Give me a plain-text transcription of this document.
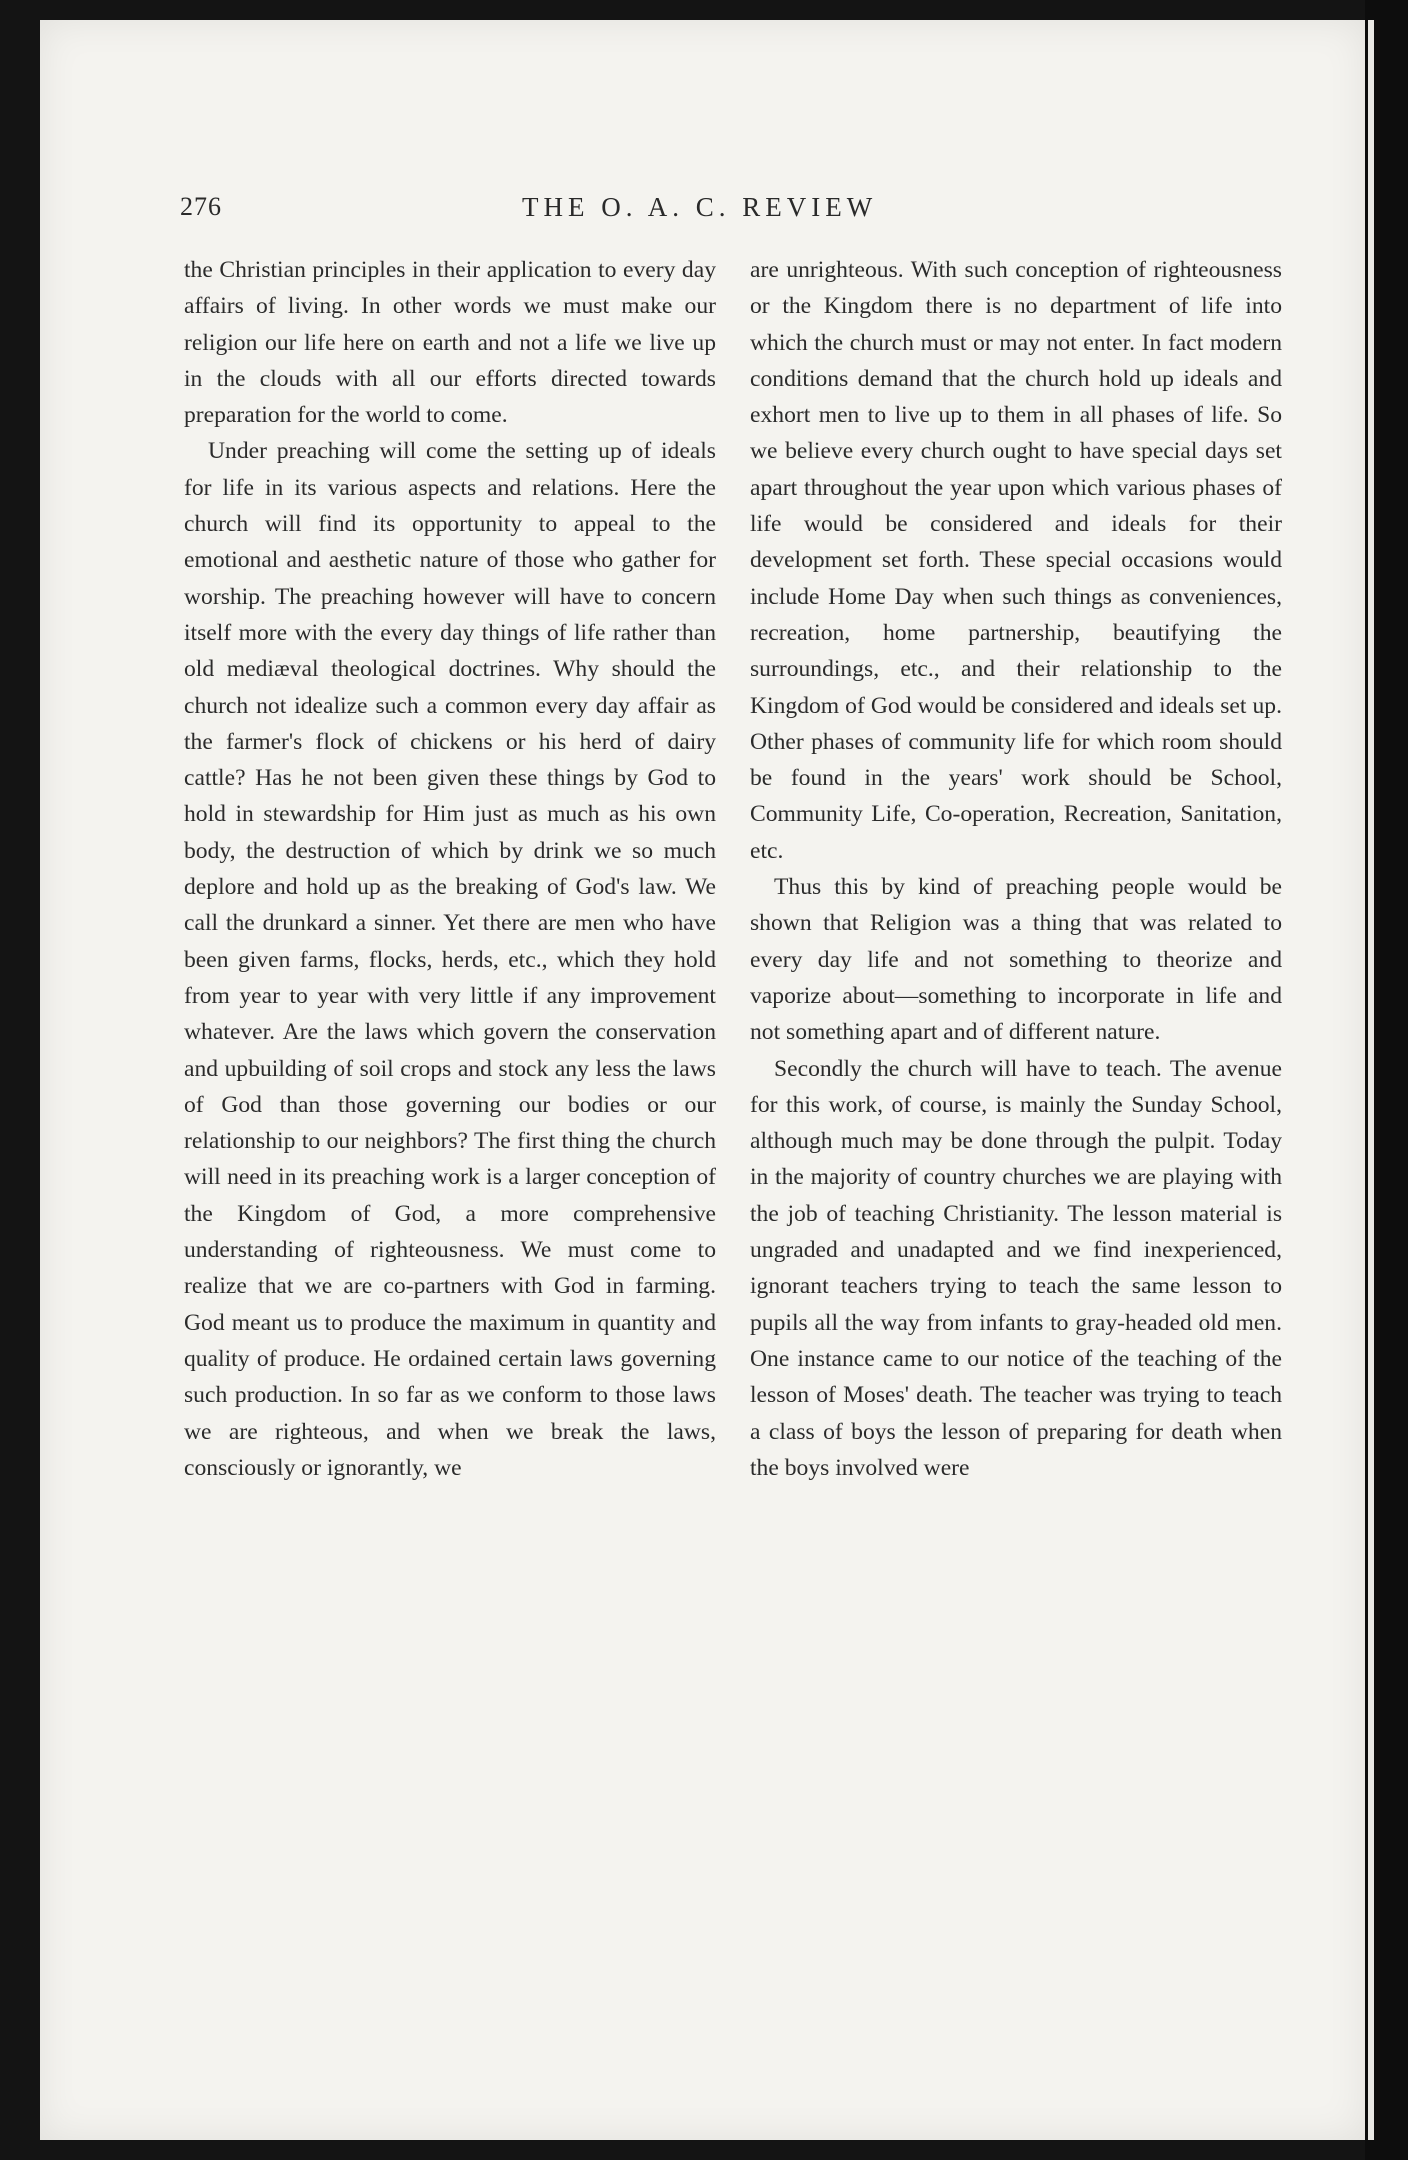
276	THE O. A. C. REVIEW

the Christian principles in their application to every day affairs of living. In other words we must make our religion our life here on earth and not a life we live up in the clouds with all our efforts directed towards preparation for the world to come.

Under preaching will come the setting up of ideals for life in its various aspects and relations. Here the church will find its opportunity to appeal to the emotional and aesthetic nature of those who gather for worship. The preaching however will have to concern itself more with the every day things of life rather than old mediæval theological doctrines. Why should the church not idealize such a common every day affair as the farmer's flock of chickens or his herd of dairy cattle? Has he not been given these things by God to hold in stewardship for Him just as much as his own body, the destruction of which by drink we so much deplore and hold up as the breaking of God's law. We call the drunkard a sinner. Yet there are men who have been given farms, flocks, herds, etc., which they hold from year to year with very little if any improvement whatever. Are the laws which govern the conservation and upbuilding of soil crops and stock any less the laws of God than those governing our bodies or our relationship to our neighbors? The first thing the church will need in its preaching work is a larger conception of the Kingdom of God, a more comprehensive understanding of righteousness. We must come to realize that we are co-partners with God in farming. God meant us to produce the maximum in quantity and quality of produce. He ordained certain laws governing such production. In so far as we conform to those laws we are righteous, and when we break the laws, consciously or ignorantly, we

are unrighteous. With such conception of righteousness or the Kingdom there is no department of life into which the church must or may not enter. In fact modern conditions demand that the church hold up ideals and exhort men to live up to them in all phases of life. So we believe every church ought to have special days set apart throughout the year upon which various phases of life would be considered and ideals for their development set forth. These special occasions would include Home Day when such things as conveniences, recreation, home partnership, beautifying the surroundings, etc., and their relationship to the Kingdom of God would be considered and ideals set up. Other phases of community life for which room should be found in the years' work should be School, Community Life, Co-operation, Recreation, Sanitation, etc.

Thus this by kind of preaching people would be shown that Religion was a thing that was related to every day life and not something to theorize and vaporize about—something to incorporate in life and not something apart and of different nature.

Secondly the church will have to teach. The avenue for this work, of course, is mainly the Sunday School, although much may be done through the pulpit. Today in the majority of country churches we are playing with the job of teaching Christianity. The lesson material is ungraded and unadapted and we find inexperienced, ignorant teachers trying to teach the same lesson to pupils all the way from infants to gray-headed old men. One instance came to our notice of the teaching of the lesson of Moses' death. The teacher was trying to teach a class of boys the lesson of preparing for death when the boys involved were
